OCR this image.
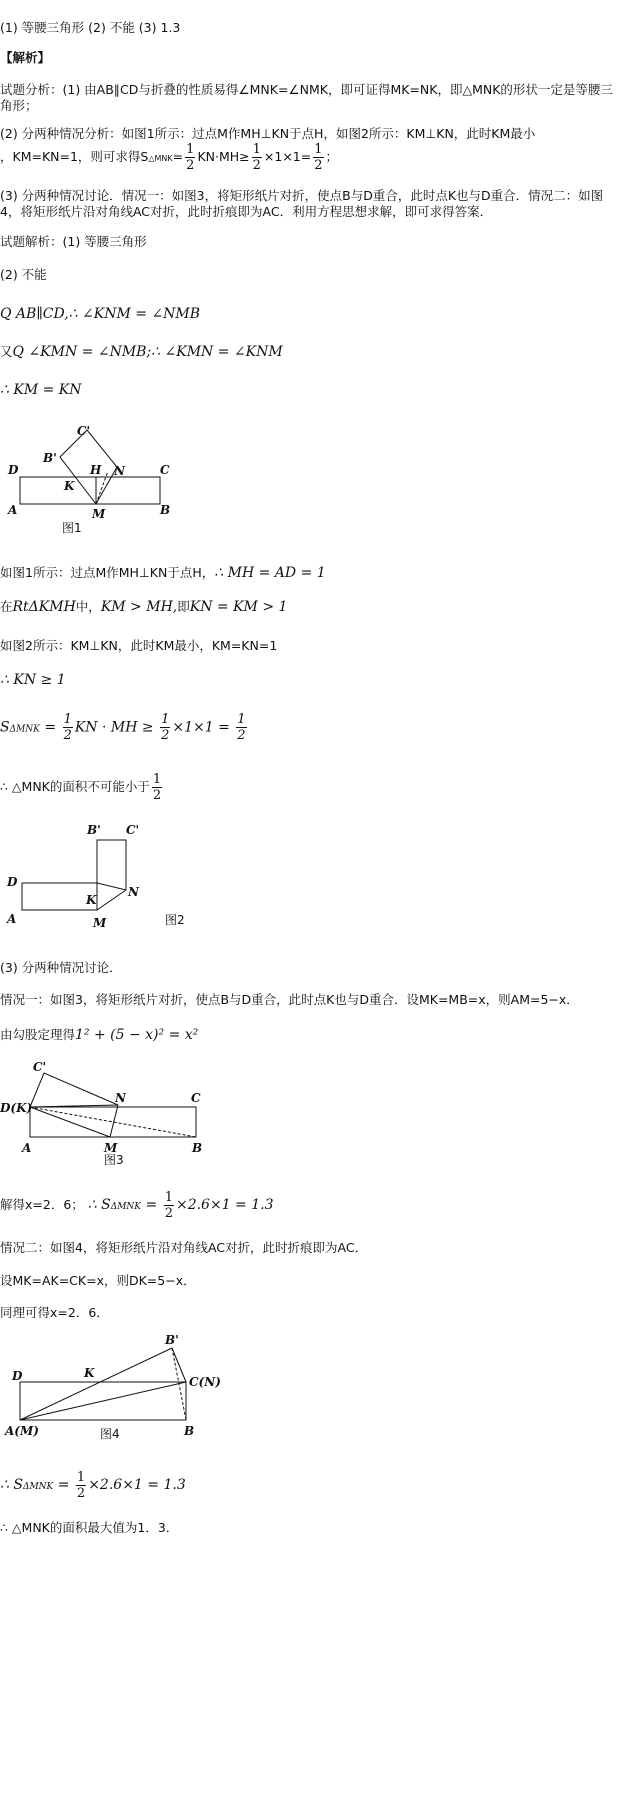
(1) 等腰三角形 (2) 不能 (3) 1.3
【解析】
试题分析：(1) 由AB∥CD与折叠的性质易得∠MNK=∠NMK，即可证得MK=NK，即△MNK的形状一定是等腰三角形；
(2) 分两种情况分析：如图1所示：过点M作MH⊥KN于点H，如图2所示：KM⊥KN，此时KM最小
，KM=KN=1，则可求得S△MNK= $\frac{1}{2} KN\cdot MH\ge \frac{1}{2} \times 1\times 1= \frac{1}{2}$ ；
(3) 分两种情况讨论．情况一：如图3，将矩形纸片对折，使点B与D重合，此时点K也与D重合．情况二：如图4，将矩形纸片沿对角线AC对折，此时折痕即为AC．利用方程思想求解，即可求得答案．
试题解析：(1) 等腰三角形
(2) 不能
Q AB∥CD,∴ ∠KNM = ∠NMB
又Q ∠KMN = ∠NMB;∴ ∠KMN = ∠KNM
∴ KM = KN
C'
B'
H N	C
D
K
A	M	B
图1
如图1所示：过点M作MH⊥KN于点H，∴ MH = AD = 1
在RtΔKMH中，KM > MH,即KN = KM > 1
如图2所示：KM⊥KN，此时KM最小，KM=KN=1
∴ KN ≥ 1
$S\Delta MNK = \frac{1}{2}$ KN · MH ≥ $\frac{1}{2} \times 1\times 1 = \frac{1}{2}$
∴ △MNK的面积不可能小于 $\frac{1}{2}$
B' C'
D
K
N
A	M	图2
(3) 分两种情况讨论．
情况一：如图3，将矩形纸片对折，使点B与D重合，此时点K也与D重合．设MK=MB=x，则AM=5−x．
由勾股定理得1² + (5 − x)² = x²
C'
N	C
D(K)
A	M	B
图3
解得x=2．6； ∴ $S\Delta MNK = \frac{1}{2} \times 2.6\times 1 = 1.3$
情况二：如图4，将矩形纸片沿对角线AC对折，此时折痕即为AC．
设MK=AK=CK=x，则DK=5−x．
同理可得x=2．6．
B'
D	K
C(N)
A(M)	B
图4
∴ $S\Delta MNK = \frac{1}{2} \times 2.6\times 1 = 1.3$
∴ △MNK的面积最大值为1．3．
